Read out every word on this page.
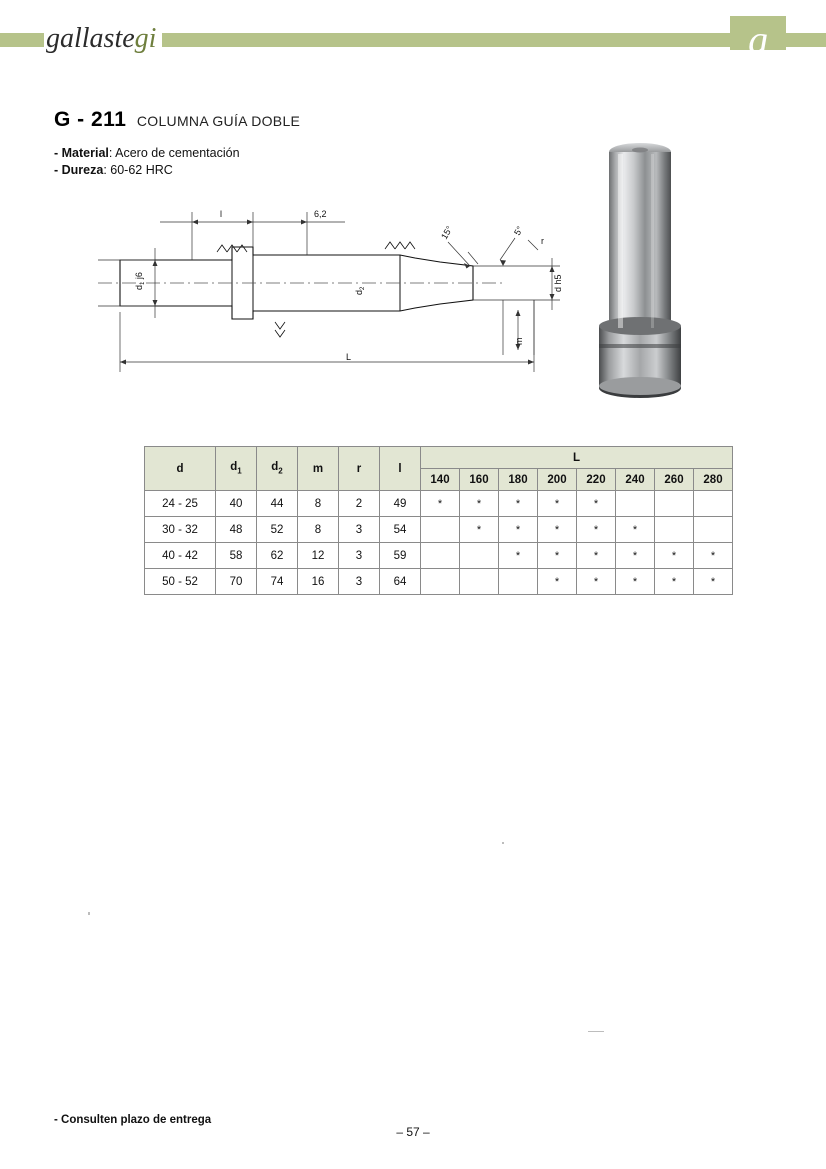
gallastegi	g
G - 211 COLUMNA GUÍA DOBLE
- Material: Acero de cementación
- Dureza: 60-62 HRC
l	6,2
15°	5°
r
L
$d_1$ j6
$d_2$	d h5
m
d	$d_1$	$d_2$	m	r	l	L							
						140	160	180	200	220	240	260	280
24 - 25	40	44	8	2	49	*	*	*	*	*			
30 - 32	48	52	8	3	54		*	*	*	*	*		
40 - 42	58	62	12	3	59			*	*	*	*	*	*
50 - 52	70	74	16	3	64				*	*	*	*	*
- Consulten plazo de entrega
– 57 –
